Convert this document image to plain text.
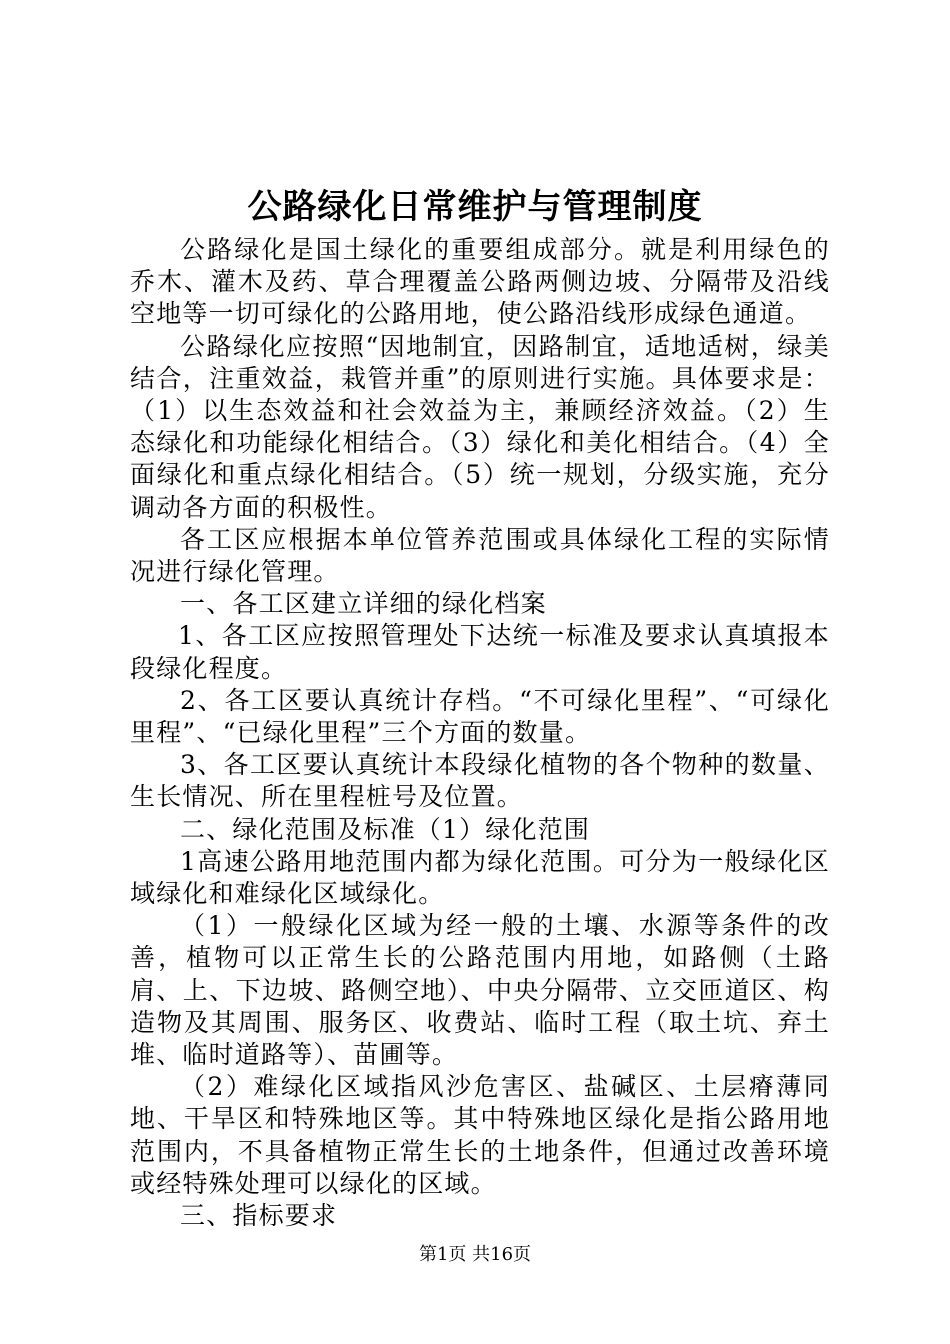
公路绿化日常维护与管理制度

公路绿化是国土绿化的重要组成部分。就是利用绿色的乔木、灌木及药、草合理覆盖公路两侧边坡、分隔带及沿线空地等一切可绿化的公路用地，使公路沿线形成绿色通道。

公路绿化应按照“因地制宜，因路制宜，适地适树，绿美结合，注重效益，栽管并重”的原则进行实施。具体要求是：（1）以生态效益和社会效益为主，兼顾经济效益。（2）生态绿化和功能绿化相结合。（3）绿化和美化相结合。（4）全面绿化和重点绿化相结合。（5）统一规划，分级实施，充分调动各方面的积极性。

各工区应根据本单位管养范围或具体绿化工程的实际情况进行绿化管理。

一、各工区建立详细的绿化档案

1、各工区应按照管理处下达统一标准及要求认真填报本段绿化程度。

2、各工区要认真统计存档。“不可绿化里程”、“可绿化里程”、“已绿化里程”三个方面的数量。

3、各工区要认真统计本段绿化植物的各个物种的数量、生长情况、所在里程桩号及位置。

二、绿化范围及标准（1）绿化范围

1高速公路用地范围内都为绿化范围。可分为一般绿化区域绿化和难绿化区域绿化。

（1）一般绿化区域为经一般的土壤、水源等条件的改善，植物可以正常生长的公路范围内用地，如路侧（土路肩、上、下边坡、路侧空地）、中央分隔带、立交匝道区、构造物及其周围、服务区、收费站、临时工程（取土坑、弃土堆、临时道路等）、苗圃等。

（2）难绿化区域指风沙危害区、盐碱区、土层瘠薄同地、干旱区和特殊地区等。其中特殊地区绿化是指公路用地范围内，不具备植物正常生长的土地条件，但通过改善环境或经特殊处理可以绿化的区域。

三、指标要求

第1页 共16页
